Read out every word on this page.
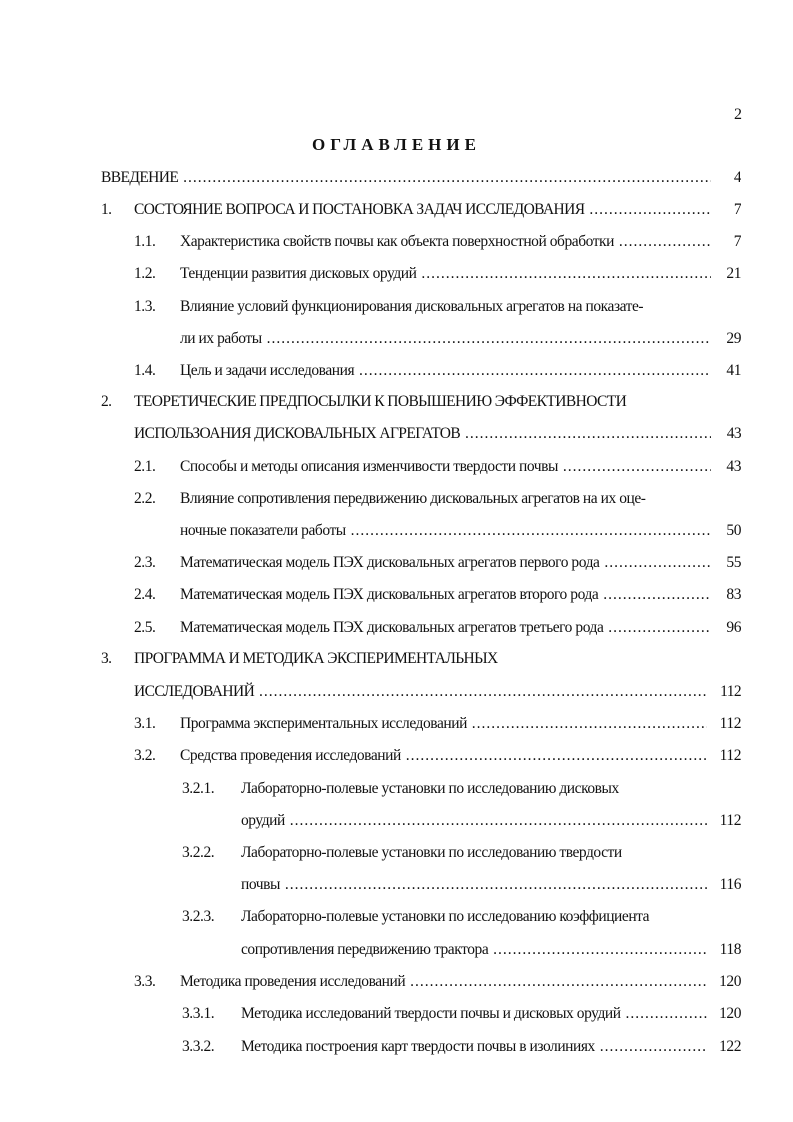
2
ОГЛАВЛЕНИЕ
ВВЕДЕНИЕ .....	4
1. СОСТОЯНИЕ ВОПРОСА И ПОСТАНОВКА ЗАДАЧ ИССЛЕДОВАНИЯ .....	7
1.1. Характеристика свойств почвы как объекта поверхностной обработки .....	7
1.2. Тенденции развития дисковых орудий .....	21
1.3. Влияние условий функционирования дисковальных агрегатов на показате-
ли их работы .....	29
1.4. Цель и задачи исследования .....	41
2. ТЕОРЕТИЧЕСКИЕ ПРЕДПОСЫЛКИ К ПОВЫШЕНИЮ ЭФФЕКТИВНОСТИ
ИСПОЛЬЗОАНИЯ ДИСКОВАЛЬНЫХ АГРЕГАТОВ .....	43
2.1. Способы и методы описания изменчивости твердости почвы .....	43
2.2. Влияние сопротивления передвижению дисковальных агрегатов на их оце-
ночные показатели работы .....	50
2.3. Математическая модель ПЭХ дисковальных агрегатов первого рода .....	55
2.4. Математическая модель ПЭХ дисковальных агрегатов второго рода .....	83
2.5. Математическая модель ПЭХ дисковальных агрегатов третьего рода .....	96
3. ПРОГРАММА И МЕТОДИКА ЭКСПЕРИМЕНТАЛЬНЫХ
ИССЛЕДОВАНИЙ .....	112
3.1. Программа экспериментальных исследований .....	112
3.2. Средства проведения исследований .....	112
3.2.1. Лабораторно-полевые установки по исследованию дисковых
орудий .....	112
3.2.2. Лабораторно-полевые установки по исследованию твердости
почвы .....	116
3.2.3. Лабораторно-полевые установки по исследованию коэффициента
сопротивления передвижению трактора .....	118
3.3. Методика проведения исследований .....	120
3.3.1. Методика исследований твердости почвы и дисковых орудий .....	120
3.3.2. Методика построения карт твердости почвы в изолиниях .....	122
